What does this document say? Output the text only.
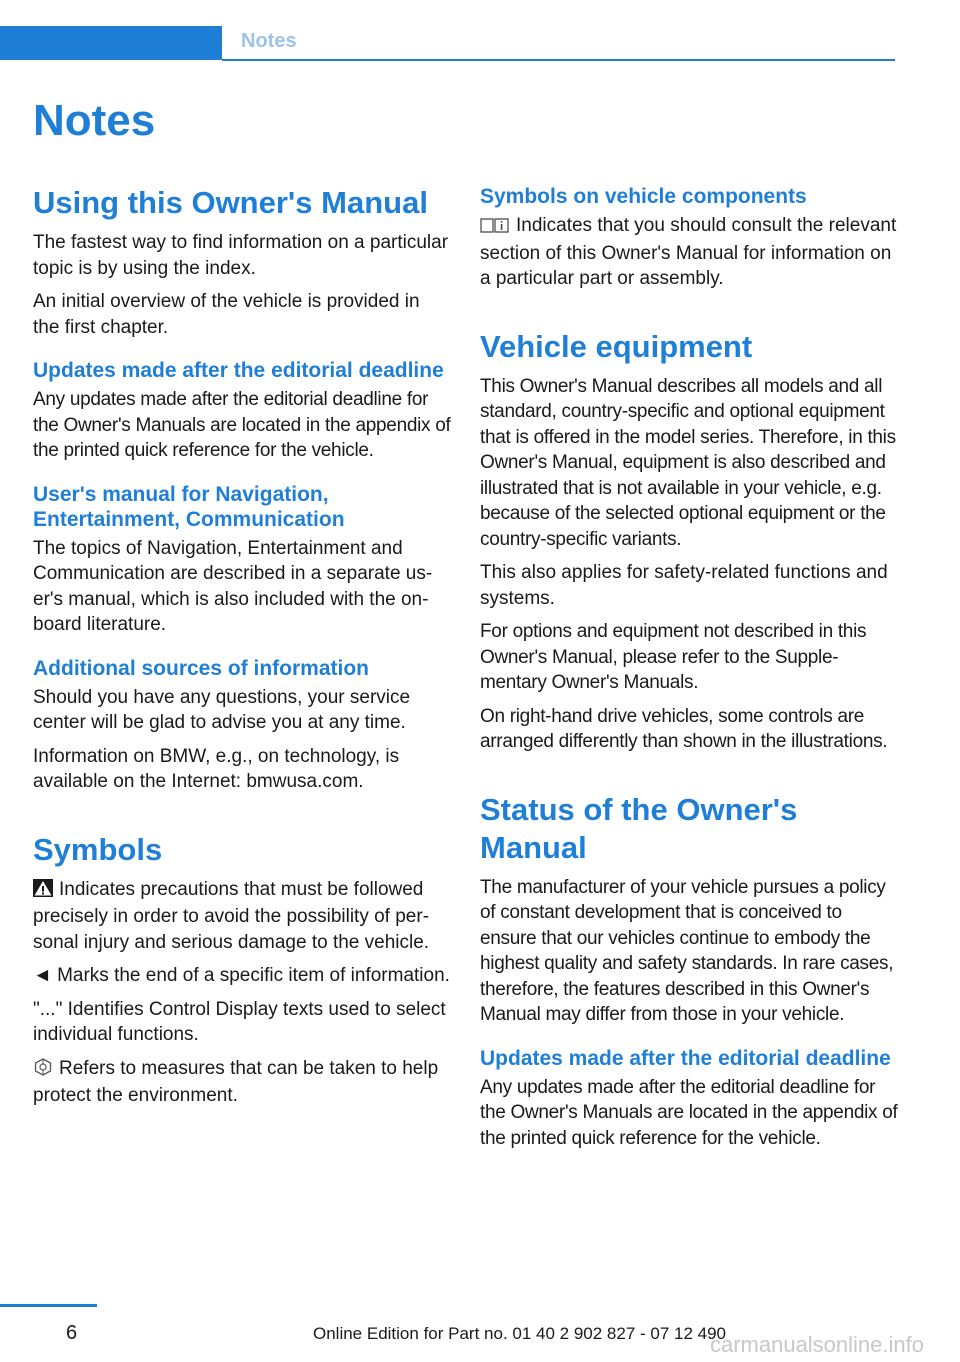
Notes
Notes
Using this Owner's Manual

The fastest way to find information on a particular topic is by using the index.

An initial overview of the vehicle is provided in the first chapter.

Updates made after the editorial deadline

Any updates made after the editorial deadline for the Owner's Manuals are located in the appendix of the printed quick reference for the vehicle.

User's manual for Navigation, Entertainment, Communication

The topics of Navigation, Entertainment and Communication are described in a separate user's manual, which is also included with the on-board literature.

Additional sources of information

Should you have any questions, your service center will be glad to advise you at any time.

Information on BMW, e.g., on technology, is available on the Internet: bmwusa.com.

Symbols

Indicates precautions that must be followed precisely in order to avoid the possibility of personal injury and serious damage to the vehicle.

◄ Marks the end of a specific item of information.

"..." Identifies Control Display texts used to select individual functions.

Refers to measures that can be taken to help protect the environment.

Symbols on vehicle components

Indicates that you should consult the relevant section of this Owner's Manual for information on a particular part or assembly.

Vehicle equipment

This Owner's Manual describes all models and all standard, country-specific and optional equipment that is offered in the model series. Therefore, in this Owner's Manual, equipment is also described and illustrated that is not available in your vehicle, e.g. because of the selected optional equipment or the country-specific variants.

This also applies for safety-related functions and systems.

For options and equipment not described in this Owner's Manual, please refer to the Supplementary Owner's Manuals.

On right-hand drive vehicles, some controls are arranged differently than shown in the illustrations.

Status of the Owner's Manual

The manufacturer of your vehicle pursues a policy of constant development that is conceived to ensure that our vehicles continue to embody the highest quality and safety standards. In rare cases, therefore, the features described in this Owner's Manual may differ from those in your vehicle.

Updates made after the editorial deadline

Any updates made after the editorial deadline for the Owner's Manuals are located in the appendix of the printed quick reference for the vehicle.

6	Online Edition for Part no. 01 40 2 902 827 - 07 12 490
carmanualsonline.info
